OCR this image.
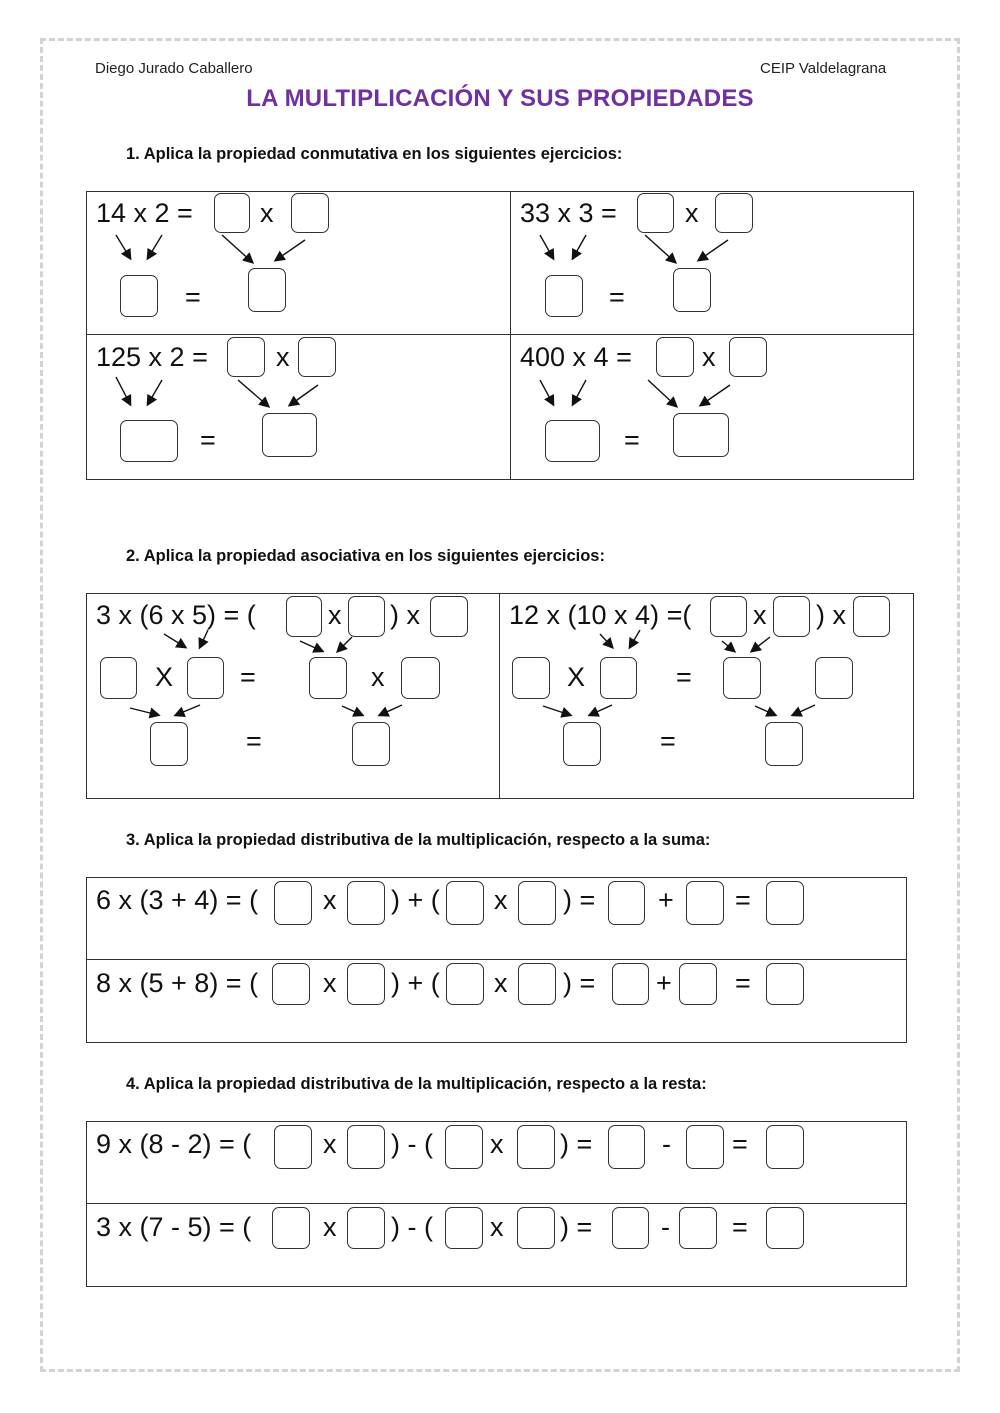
Diego Jurado Caballero	CEIP Valdelagrana
LA MULTIPLICACIÓN Y SUS PROPIEDADES
1. Aplica la propiedad conmutativa en los siguientes ejercicios:
14 x 2 = x
=
33 x 3 =	x
=
125 x 2 =	x
=
400 x 4 =	x
=
2. Aplica la propiedad asociativa en los siguientes ejercicios:
3 x (6 x 5) = (	x ) x
X =	x
=
12 x (10 x 4) =( x ) x
X	=
=
3. Aplica la propiedad distributiva de la multiplicación, respecto a la suma:
6 x (3 + 4) = ( x ) + ( x ) = + =
8 x (5 + 8) = ( x ) + ( x ) = + =
4. Aplica la propiedad distributiva de la multiplicación, respecto a la resta:
9 x (8 - 2) = (	x ) - ( x ) =	- =
3 x (7 - 5) = (	x ) - ( x ) =	- =
